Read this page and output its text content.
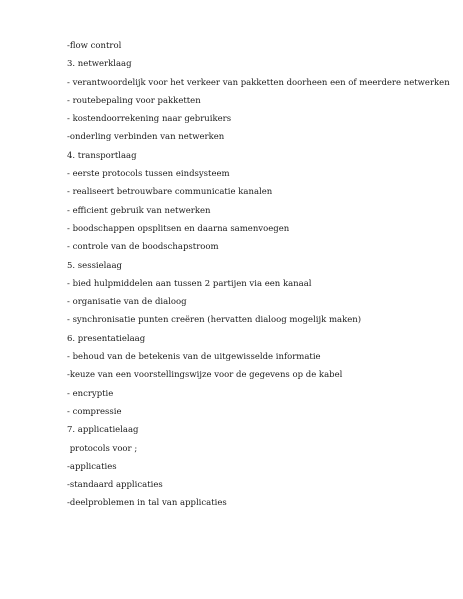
-flow control
3. netwerklaag
- verantwoordelijk voor het verkeer van pakketten doorheen een of meerdere netwerken
- routebepaling voor pakketten
- kostendoorrekening naar gebruikers
-onderling verbinden van netwerken
4. transportlaag
- eerste protocols tussen eindsysteem
- realiseert betrouwbare communicatie kanalen
- efficient gebruik van netwerken
- boodschappen opsplitsen en daarna samenvoegen
- controle van de boodschapstroom
5. sessielaag
- bied hulpmiddelen aan tussen 2 partijen via een kanaal
- organisatie van de dialoog
- synchronisatie punten creëren (hervatten dialoog mogelijk maken)
6. presentatielaag
- behoud van de betekenis van de uitgewisselde informatie
-keuze van een voorstellingswijze voor de gegevens op de kabel
- encryptie
- compressie
7. applicatielaag
protocols voor ;
-applicaties
-standaard applicaties
-deelproblemen in tal van applicaties
